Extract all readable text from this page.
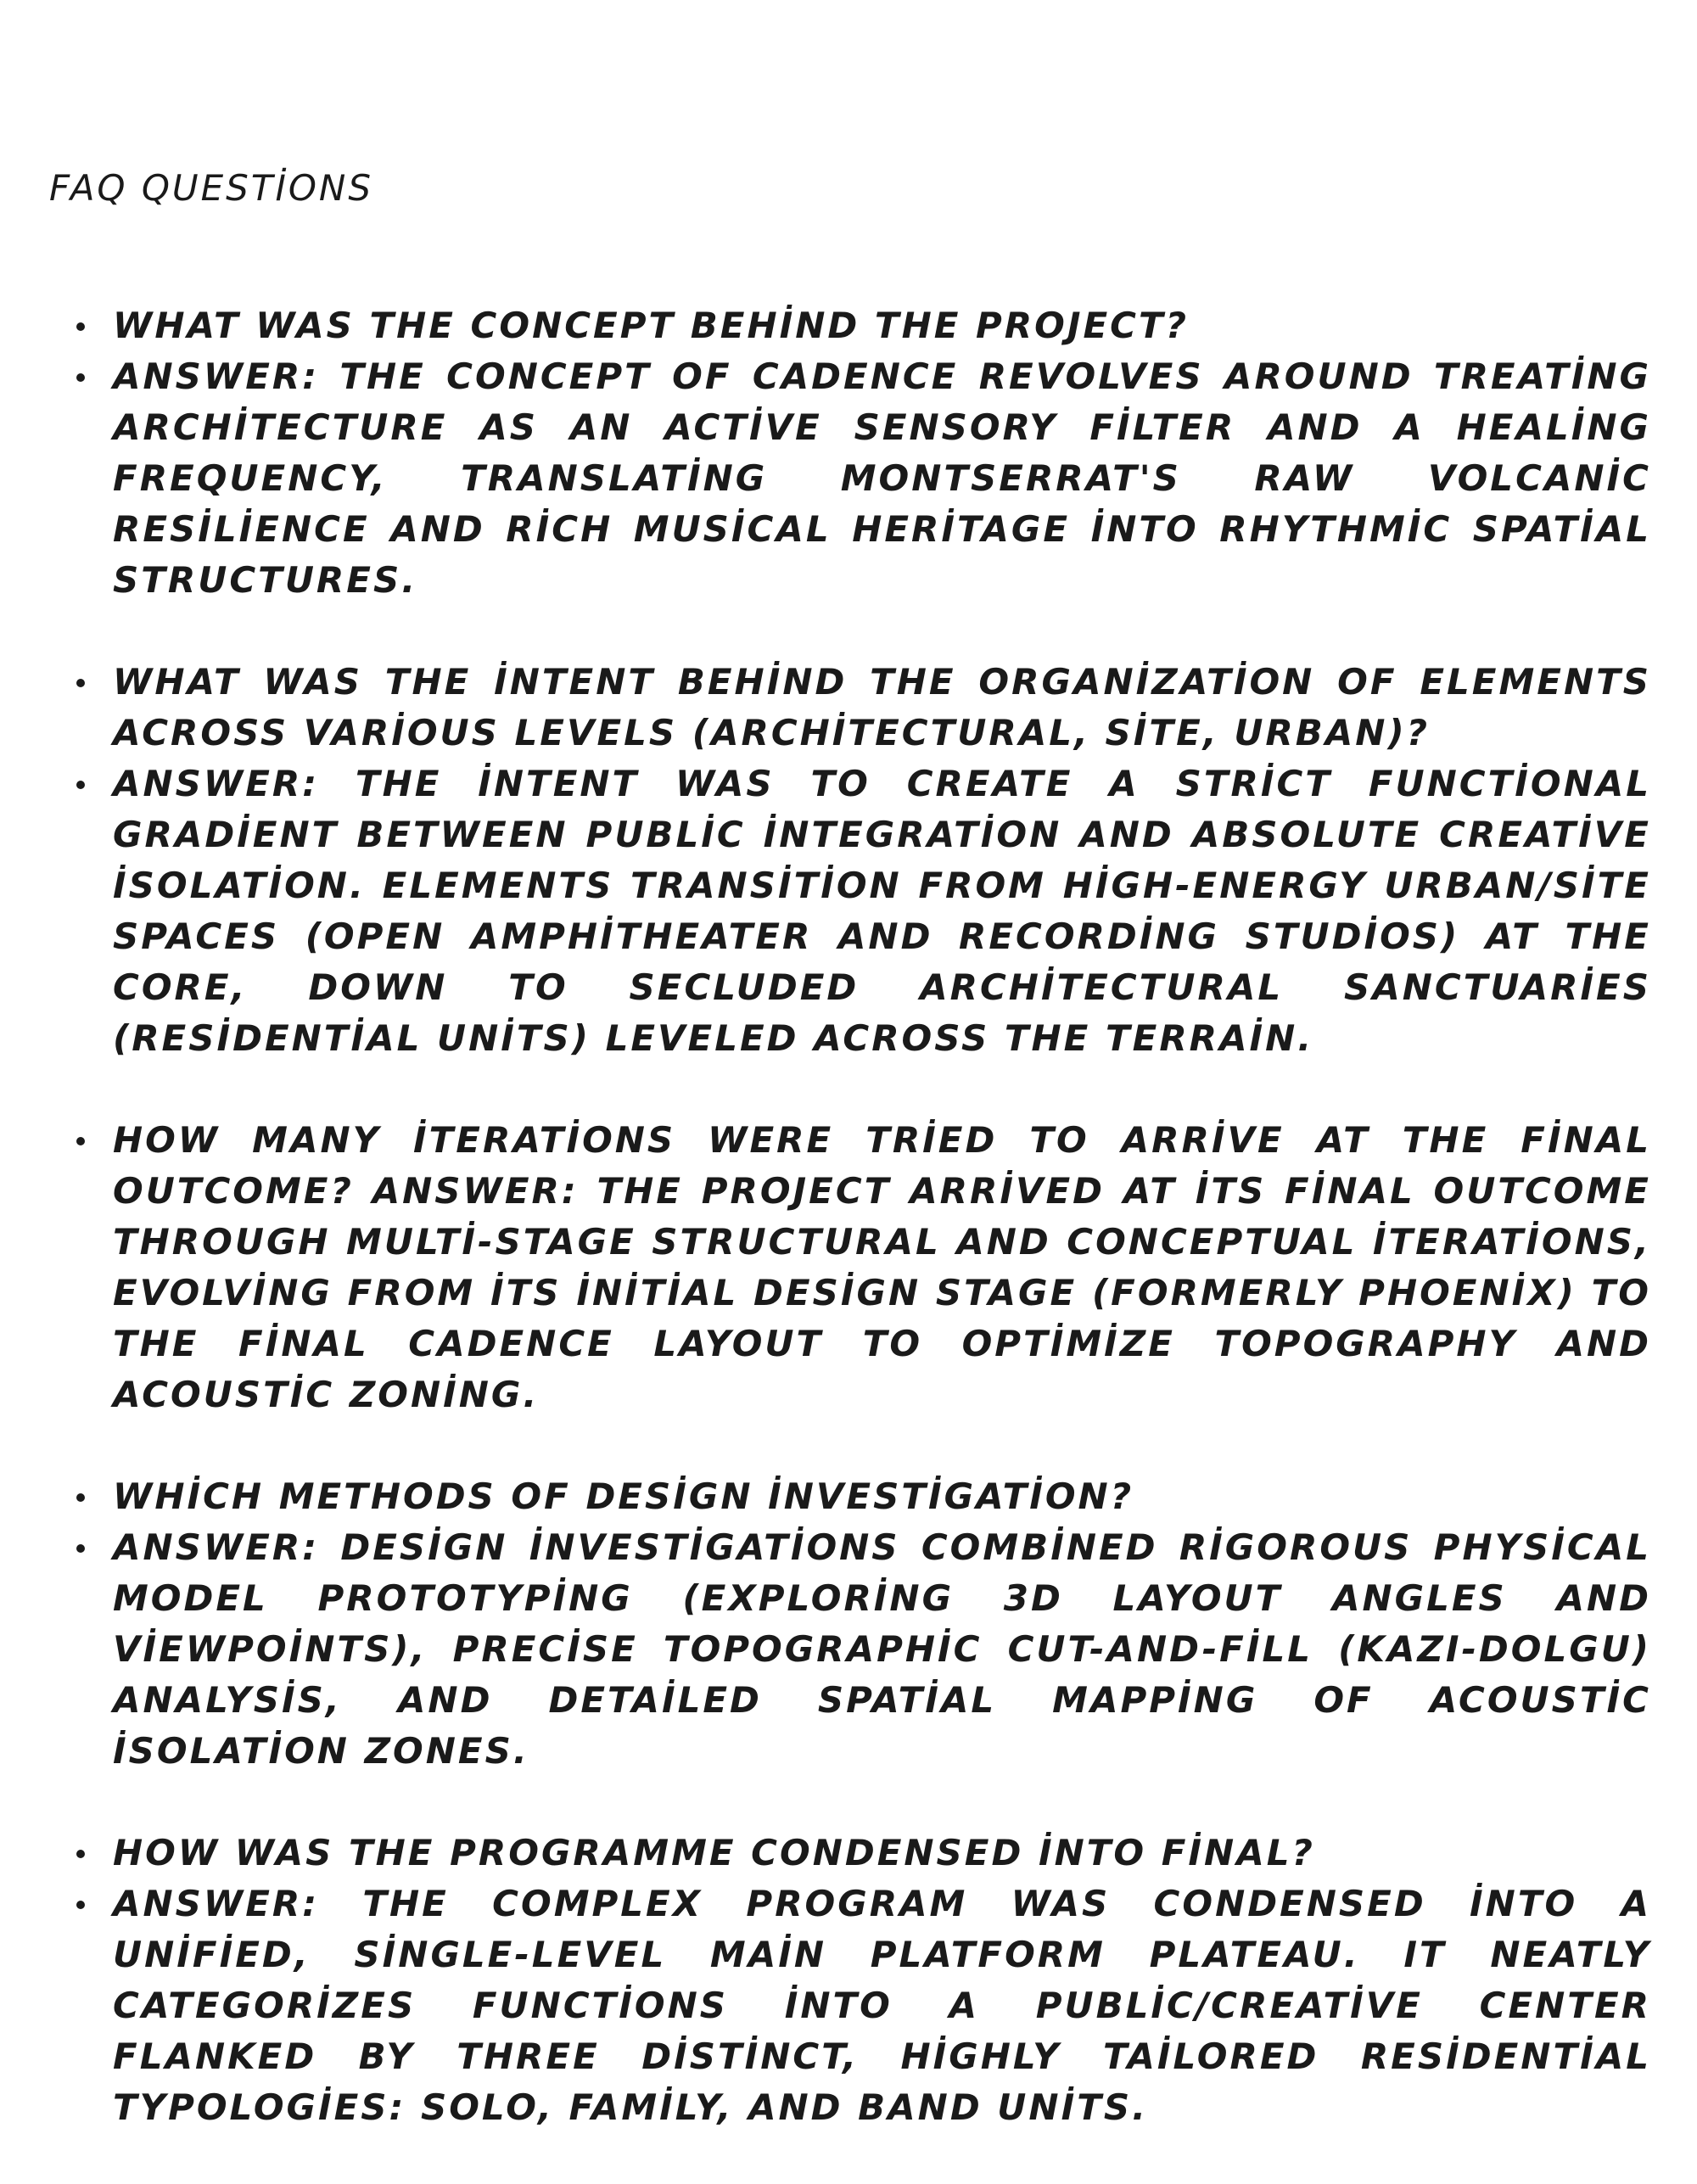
FAQ QUESTİONS
WHAT WAS THE CONCEPT BEHİND THE PROJECT?
ANSWER: THE CONCEPT OF CADENCE REVOLVES AROUND TREATİNG ARCHİTECTURE AS AN ACTİVE SENSORY FİLTER AND A HEALİNG FREQUENCY, TRANSLATİNG MONTSERRAT'S RAW VOLCANİC RESİLİENCE AND RİCH MUSİCAL HERİTAGE İNTO RHYTHMİC SPATİAL STRUCTURES.
WHAT WAS THE İNTENT BEHİND THE ORGANİZATİON OF ELEMENTS ACROSS VARİOUS LEVELS (ARCHİTECTURAL, SİTE, URBAN)?
ANSWER: THE İNTENT WAS TO CREATE A STRİCT FUNCTİONAL GRADİENT BETWEEN PUBLİC İNTEGRATİON AND ABSOLUTE CREATİVE İSOLATİON. ELEMENTS TRANSİTİON FROM HİGH-ENERGY URBAN/SİTE SPACES (OPEN AMPHİTHEATER AND RECORDİNG STUDİOS) AT THE CORE, DOWN TO SECLUDED ARCHİTECTURAL SANCTUARİES (RESİDENTİAL UNİTS) LEVELED ACROSS THE TERRAİN.
HOW MANY İTERATİONS WERE TRİED TO ARRİVE AT THE FİNAL OUTCOME? ANSWER: THE PROJECT ARRİVED AT İTS FİNAL OUTCOME THROUGH MULTİ-STAGE STRUCTURAL AND CONCEPTUAL İTERATİONS, EVOLVİNG FROM İTS İNİTİAL DESİGN STAGE (FORMERLY PHOENİX) TO THE FİNAL CADENCE LAYOUT TO OPTİMİZE TOPOGRAPHY AND ACOUSTİC ZONİNG.
WHİCH METHODS OF DESİGN İNVESTİGATİON?
ANSWER: DESİGN İNVESTİGATİONS COMBİNED RİGOROUS PHYSİCAL MODEL PROTOTYPİNG (EXPLORİNG 3D LAYOUT ANGLES AND VİEWPOİNTS), PRECİSE TOPOGRAPHİC CUT-AND-FİLL (KAZI-DOLGU) ANALYSİS, AND DETAİLED SPATİAL MAPPİNG OF ACOUSTİC İSOLATİON ZONES.
HOW WAS THE PROGRAMME CONDENSED İNTO FİNAL?
ANSWER: THE COMPLEX PROGRAM WAS CONDENSED İNTO A UNİFİED, SİNGLE-LEVEL MAİN PLATFORM PLATEAU. IT NEATLY CATEGORİZES FUNCTİONS İNTO A PUBLİC/CREATİVE CENTER FLANKED BY THREE DİSTİNCT, HİGHLY TAİLORED RESİDENTİAL TYPOLOGİES: SOLO, FAMİLY, AND BAND UNİTS.
